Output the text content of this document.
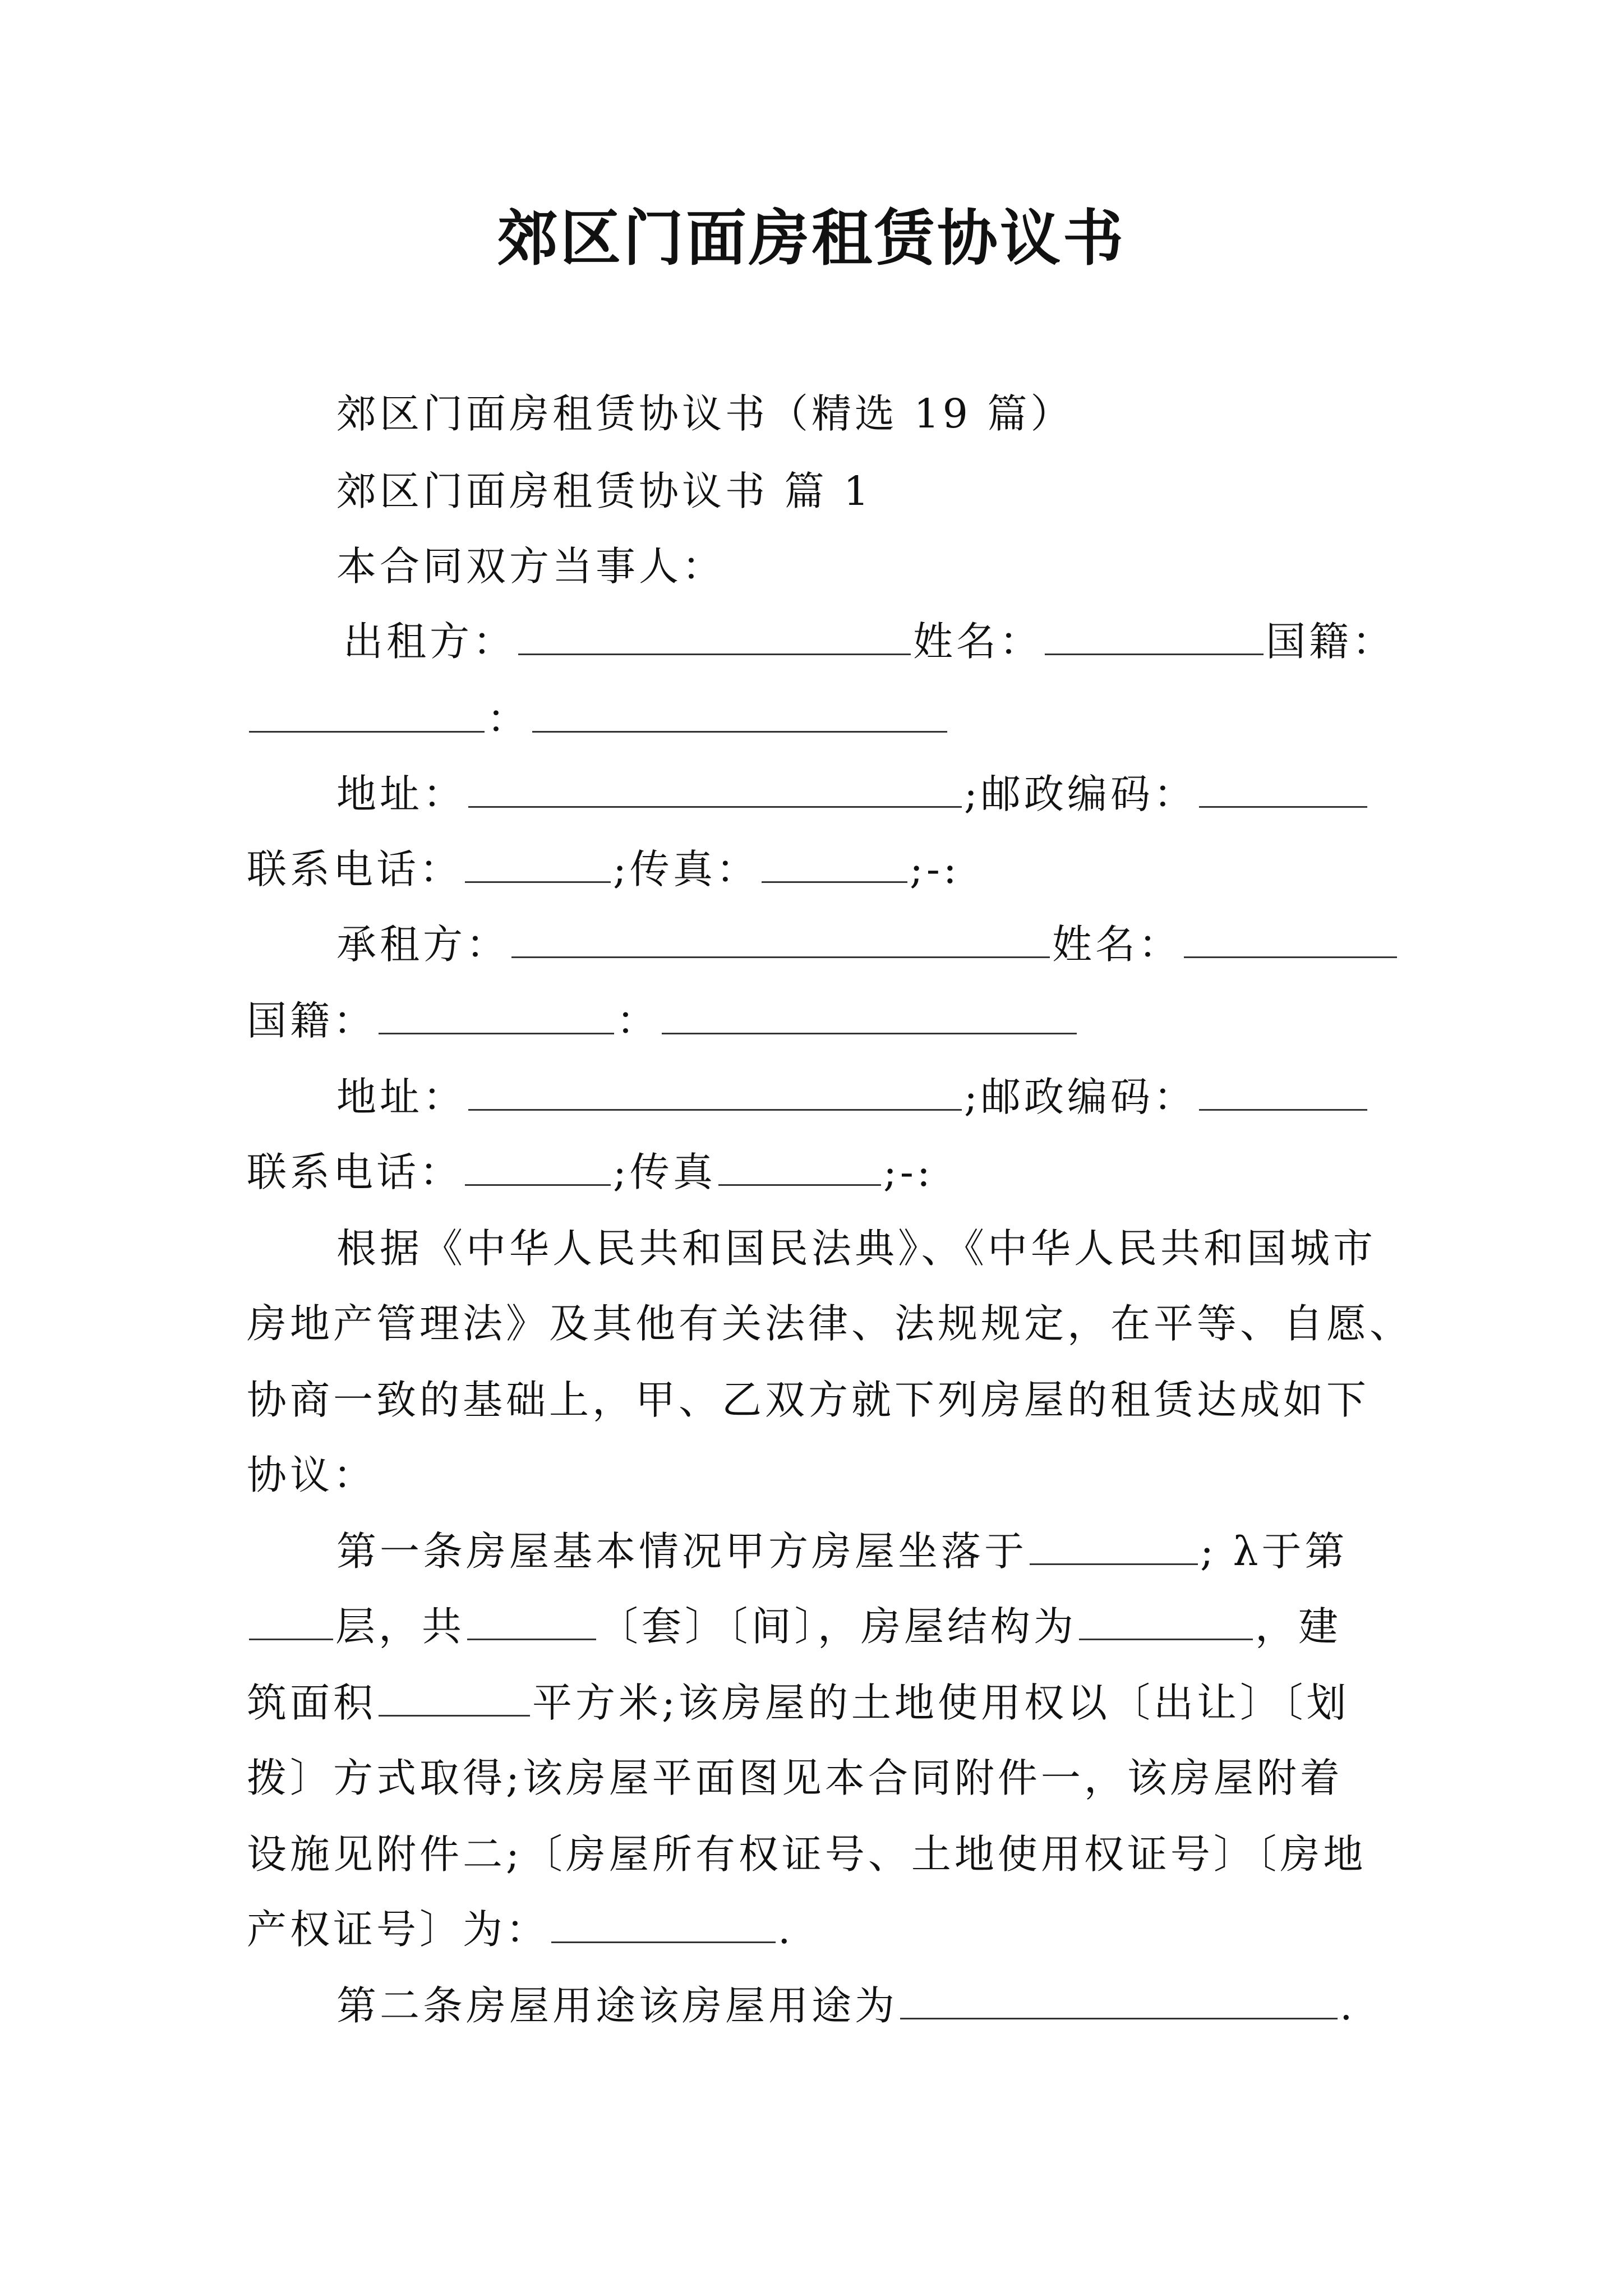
郊区门面房租赁协议书
郊区门面房租赁协议书（精选 19 篇）
郊区门面房租赁协议书 篇 1
本合同双方当事人：
出租方：	姓名：	国籍：
：
地址：	;邮政编码：
联系电话：	;传真：	;-:
承租方：	姓名：
国籍：	：
地址：	;邮政编码：
联系电话：	;传真	;-:
根据《中华人民共和国民法典》、《中华人民共和国城市
房地产管理法》及其他有关法律、法规规定，在平等、自愿、
协商一致的基础上，甲、乙双方就下列房屋的租赁达成如下
协议：
第一条房屋基本情况甲方房屋坐落于	; λ于第
层，共	〔套〕〔间〕，房屋结构为	，建
筑面积	平方米;该房屋的土地使用权以〔出让〕〔划
拨〕方式取得;该房屋平面图见本合同附件一，该房屋附着
设施见附件二;〔房屋所有权证号、土地使用权证号〕〔房地
产权证号〕为：	.
第二条房屋用途该房屋用途为	.
